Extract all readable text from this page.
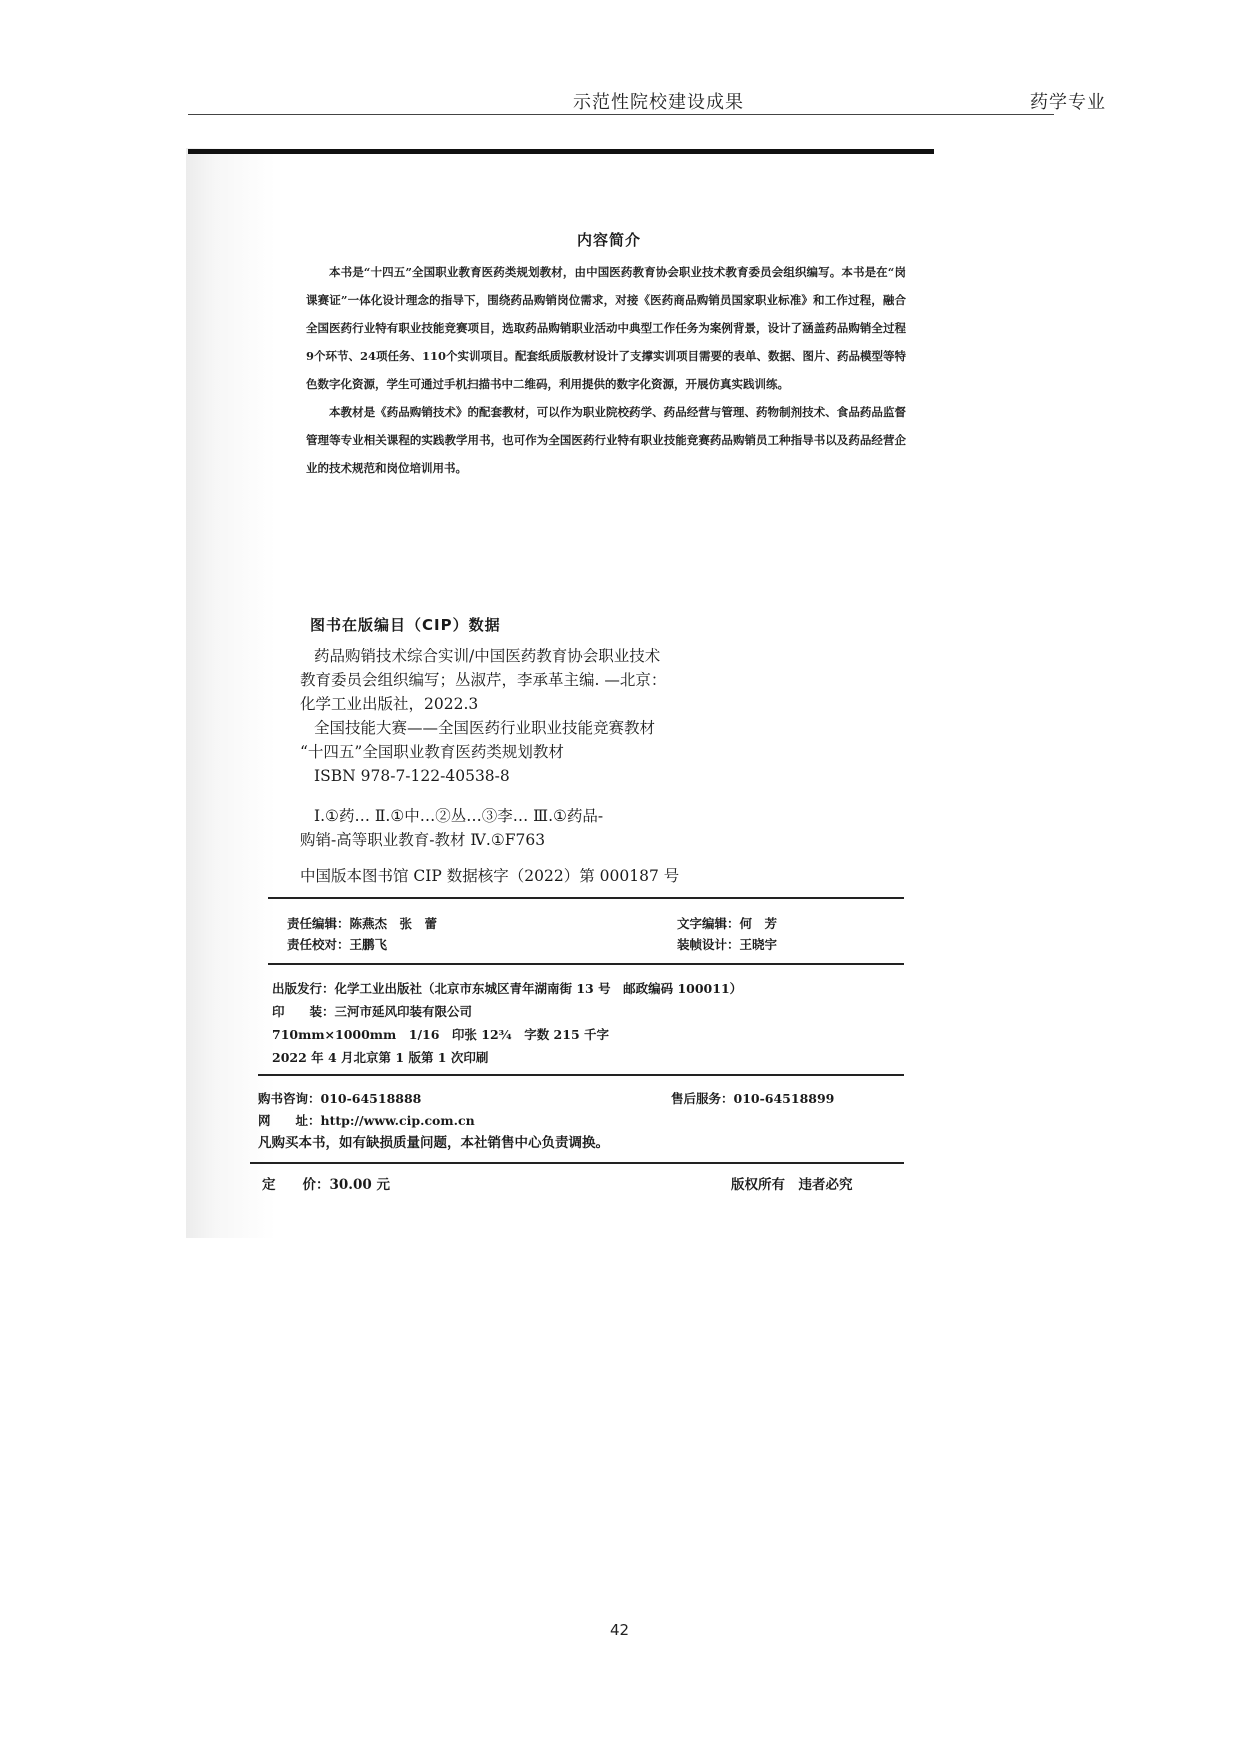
示范性院校建设成果	药学专业
内容简介

本书是“十四五”全国职业教育医药类规划教材，由中国医药教育协会职业技术教育委员会组织编写。本书是在“岗课赛证”一体化设计理念的指导下，围绕药品购销岗位需求，对接《医药商品购销员国家职业标准》和工作过程，融合全国医药行业特有职业技能竞赛项目，选取药品购销职业活动中典型工作任务为案例背景，设计了涵盖药品购销全过程9个环节、24项任务、110个实训项目。配套纸质版教材设计了支撑实训项目需要的表单、数据、图片、药品模型等特色数字化资源，学生可通过手机扫描书中二维码，利用提供的数字化资源，开展仿真实践训练。

本教材是《药品购销技术》的配套教材，可以作为职业院校药学、药品经营与管理、药物制剂技术、食品药品监督管理等专业相关课程的实践教学用书，也可作为全国医药行业特有职业技能竞赛药品购销员工种指导书以及药品经营企业的技术规范和岗位培训用书。

图书在版编目（CIP）数据
药品购销技术综合实训/中国医药教育协会职业技术
教育委员会组织编写；丛淑芹，李承革主编. —北京：
化学工业出版社，2022.3
全国技能大赛——全国医药行业职业技能竞赛教材
“十四五”全国职业教育医药类规划教材
ISBN 978-7-122-40538-8
Ⅰ.①药… Ⅱ.①中…②丛…③李… Ⅲ.①药品-
购销-高等职业教育-教材 Ⅳ.①F763
中国版本图书馆 CIP 数据核字（2022）第 000187 号
责任编辑：陈燕杰　张　蕾	文字编辑：何　芳
责任校对：王鹏飞	装帧设计：王晓宇
出版发行：化学工业出版社（北京市东城区青年湖南街 13 号　邮政编码 100011）
印　　装：三河市延风印装有限公司
710mm×1000mm　1/16　印张 12¾　字数 215 千字
2022 年 4 月北京第 1 版第 1 次印刷
购书咨询：010-64518888	售后服务：010-64518899
网　　址：http://www.cip.com.cn
凡购买本书，如有缺损质量问题，本社销售中心负责调换。
定　　价：30.00 元	版权所有　违者必究
42
